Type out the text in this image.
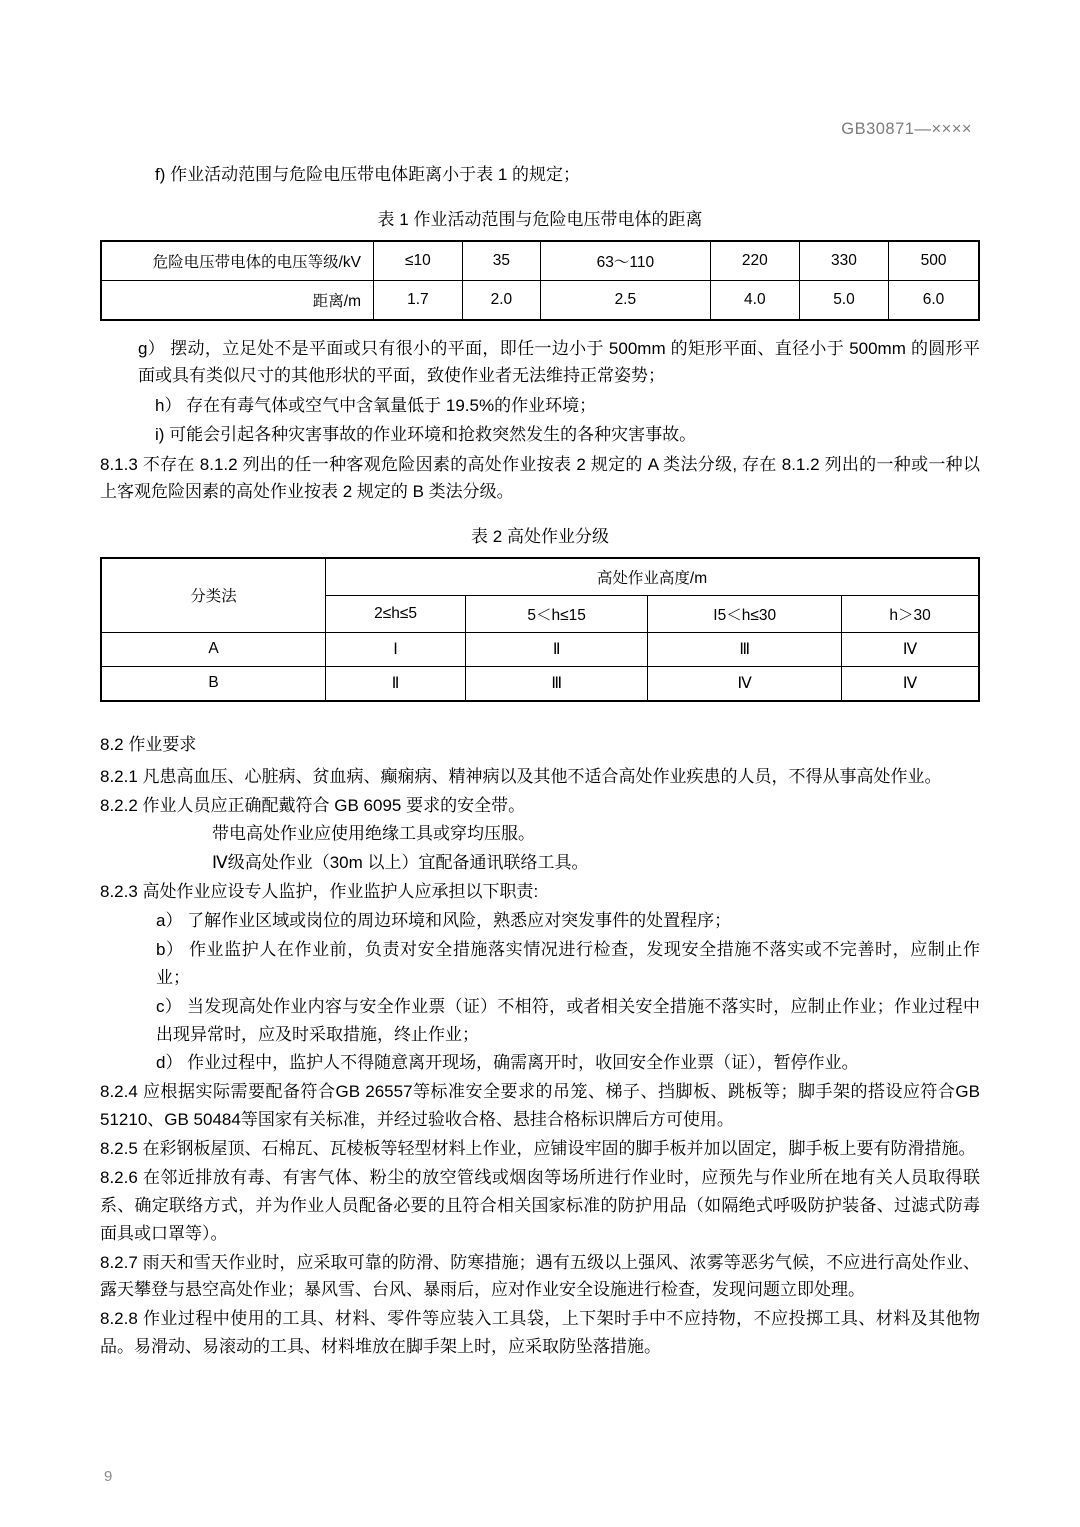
GB30871—××××
f) 作业活动范围与危险电压带电体距离小于表 1 的规定；
表 1 作业活动范围与危险电压带电体的距离
危险电压带电体的电压等级/kV	≤10	35	63～110	220	330	500
距离/m	1.7	2.0	2.5	4.0	5.0	6.0
g） 摆动，立足处不是平面或只有很小的平面，即任一边小于 500mm 的矩形平面、直径小于 500mm 的圆形平面或具有类似尺寸的其他形状的平面，致使作业者无法维持正常姿势；
h） 存在有毒气体或空气中含氧量低于 19.5%的作业环境；
i) 可能会引起各种灾害事故的作业环境和抢救突然发生的各种灾害事故。
8.1.3 不存在 8.1.2 列出的任一种客观危险因素的高处作业按表 2 规定的 A 类法分级, 存在 8.1.2 列出的一种或一种以上客观危险因素的高处作业按表 2 规定的 B 类法分级。
表 2 高处作业分级
分类法	高处作业高度/m			
	2≤h≤5	5＜h≤15	I5＜h≤30	h＞30
A	Ⅰ	Ⅱ	Ⅲ	Ⅳ
B	Ⅱ	Ⅲ	Ⅳ	Ⅳ
8.2 作业要求
8.2.1 凡患高血压、心脏病、贫血病、癫痫病、精神病以及其他不适合高处作业疾患的人员，不得从事高处作业。
8.2.2 作业人员应正确配戴符合 GB 6095 要求的安全带。
带电高处作业应使用绝缘工具或穿均压服。
Ⅳ级高处作业（30m 以上）宜配备通讯联络工具。
8.2.3 高处作业应设专人监护，作业监护人应承担以下职责:
a） 了解作业区域或岗位的周边环境和风险，熟悉应对突发事件的处置程序；
b） 作业监护人在作业前，负责对安全措施落实情况进行检查，发现安全措施不落实或不完善时，应制止作业；
c） 当发现高处作业内容与安全作业票（证）不相符，或者相关安全措施不落实时，应制止作业；作业过程中出现异常时，应及时采取措施，终止作业；
d） 作业过程中，监护人不得随意离开现场，确需离开时，收回安全作业票（证），暂停作业。
8.2.4 应根据实际需要配备符合GB 26557等标准安全要求的吊笼、梯子、挡脚板、跳板等；脚手架的搭设应符合GB 51210、GB 50484等国家有关标准，并经过验收合格、悬挂合格标识牌后方可使用。
8.2.5 在彩钢板屋顶、石棉瓦、瓦棱板等轻型材料上作业，应铺设牢固的脚手板并加以固定，脚手板上要有防滑措施。
8.2.6 在邻近排放有毒、有害气体、粉尘的放空管线或烟囱等场所进行作业时，应预先与作业所在地有关人员取得联系、确定联络方式，并为作业人员配备必要的且符合相关国家标准的防护用品（如隔绝式呼吸防护装备、过滤式防毒面具或口罩等）。
8.2.7 雨天和雪天作业时，应采取可靠的防滑、防寒措施；遇有五级以上强风、浓雾等恶劣气候，不应进行高处作业、露天攀登与悬空高处作业；暴风雪、台风、暴雨后，应对作业安全设施进行检查，发现问题立即处理。
8.2.8 作业过程中使用的工具、材料、零件等应装入工具袋，上下架时手中不应持物，不应投掷工具、材料及其他物品。易滑动、易滚动的工具、材料堆放在脚手架上时，应采取防坠落措施。
9
